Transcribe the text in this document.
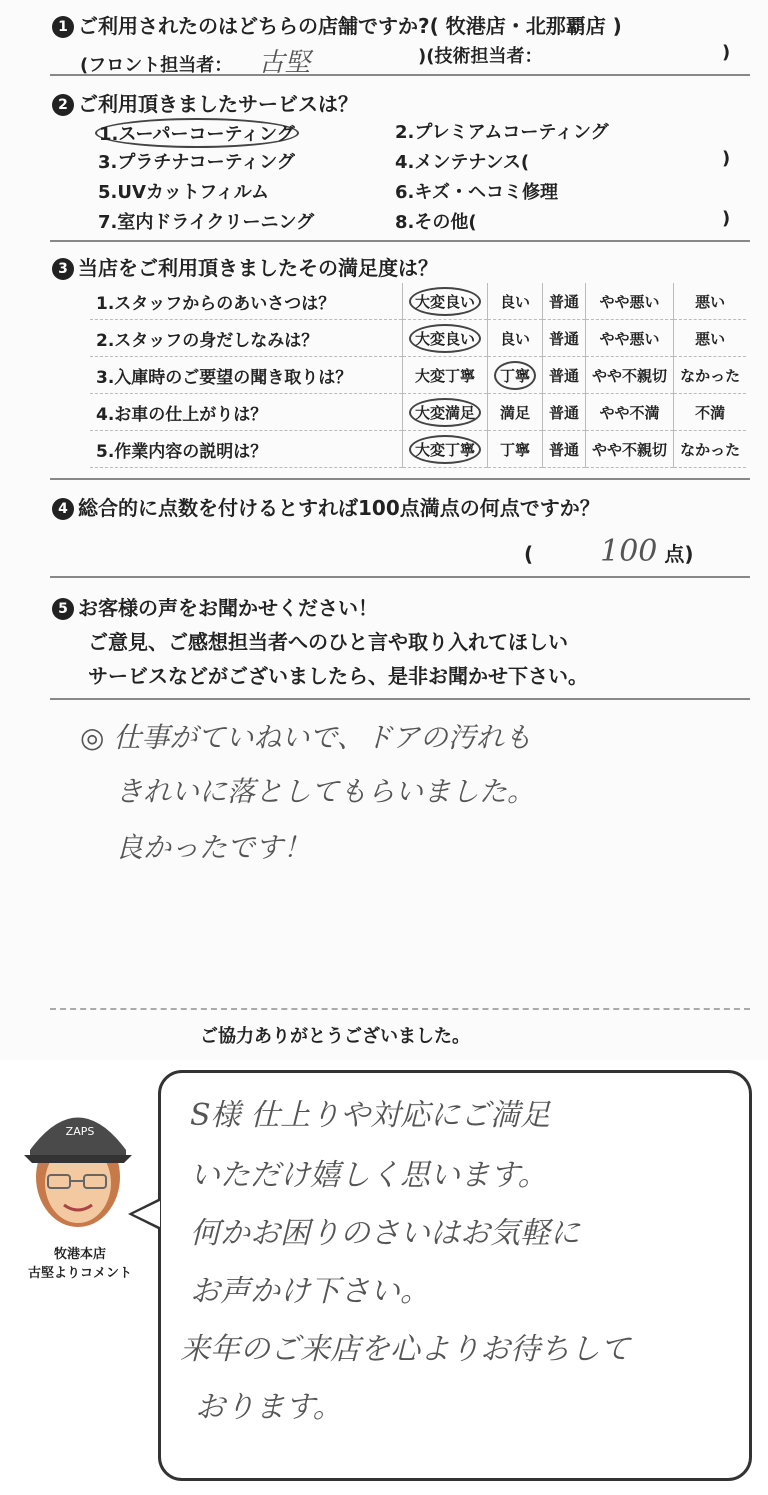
1 ご利用されたのはどちらの店舗ですか?( 牧港店・北那覇店 )
(フロント担当者： 古堅	)(技術担当者：	)
2 ご利用頂きましたサービスは？
1.スーパーコーティング	2.プレミアムコーティング
3.プラチナコーティング	4.メンテナンス(	)
5.UVカットフィルム	6.キズ・ヘコミ修理
7.室内ドライクリーニング	8.その他(	)
3 当店をご利用頂きましたその満足度は？
1.スタッフからのあいさつは？	大変良い	良い	普通	やや悪い	悪い
2.スタッフの身だしなみは？	大変良い	良い	普通	やや悪い	悪い
3.入庫時のご要望の聞き取りは？	大変丁寧	丁寧	普通	やや不親切	なかった
4.お車の仕上がりは？	大変満足	満足	普通	やや不満	不満
5.作業内容の説明は？	大変丁寧	丁寧	普通	やや不親切	なかった
4 総合的に点数を付けるとすれば100点満点の何点ですか？
( 100 点)
5 お客様の声をお聞かせください！
ご意見、ご感想担当者へのひと言や取り入れてほしい
サービスなどがございましたら、是非お聞かせ下さい。
◎ 仕事がていねいで、ドアの汚れも
きれいに落としてもらいました。
良かったです！
ご協力ありがとうございました。
ZAPS
牧港本店
古堅よりコメント
S様 仕上りや対応にご満足
いただけ嬉しく思います。
何かお困りのさいはお気軽に
お声かけ下さい。
来年のご来店を心よりお待ちして
おります。
